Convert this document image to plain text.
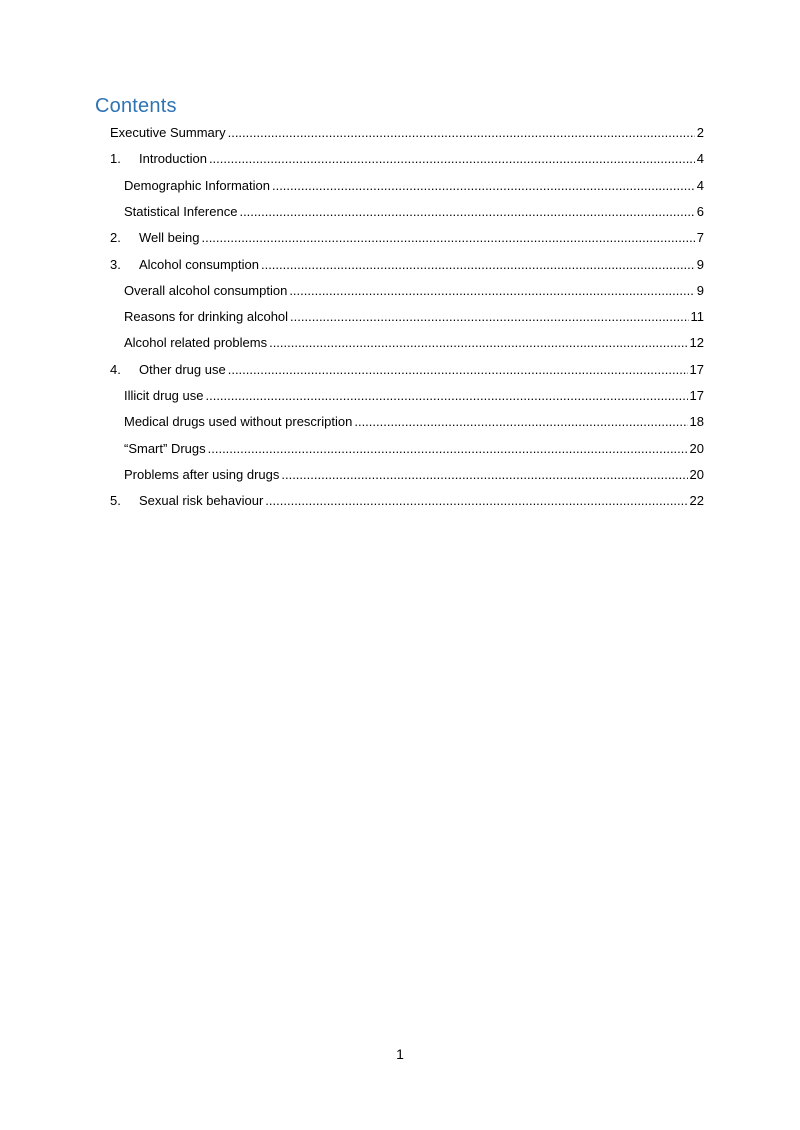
Contents
Executive Summary .....	2
1.	Introduction .....	4
Demographic Information .....	4
Statistical Inference .....	6
2.	Well being .....	7
3.	Alcohol consumption .....	9
Overall alcohol consumption .....	9
Reasons for drinking alcohol .....	11
Alcohol related problems .....	12
4.	Other drug use .....	17
Illicit drug use .....	17
Medical drugs used without prescription .....	18
“Smart” Drugs .....	20
Problems after using drugs .....	20
5.	Sexual risk behaviour .....	22
1
